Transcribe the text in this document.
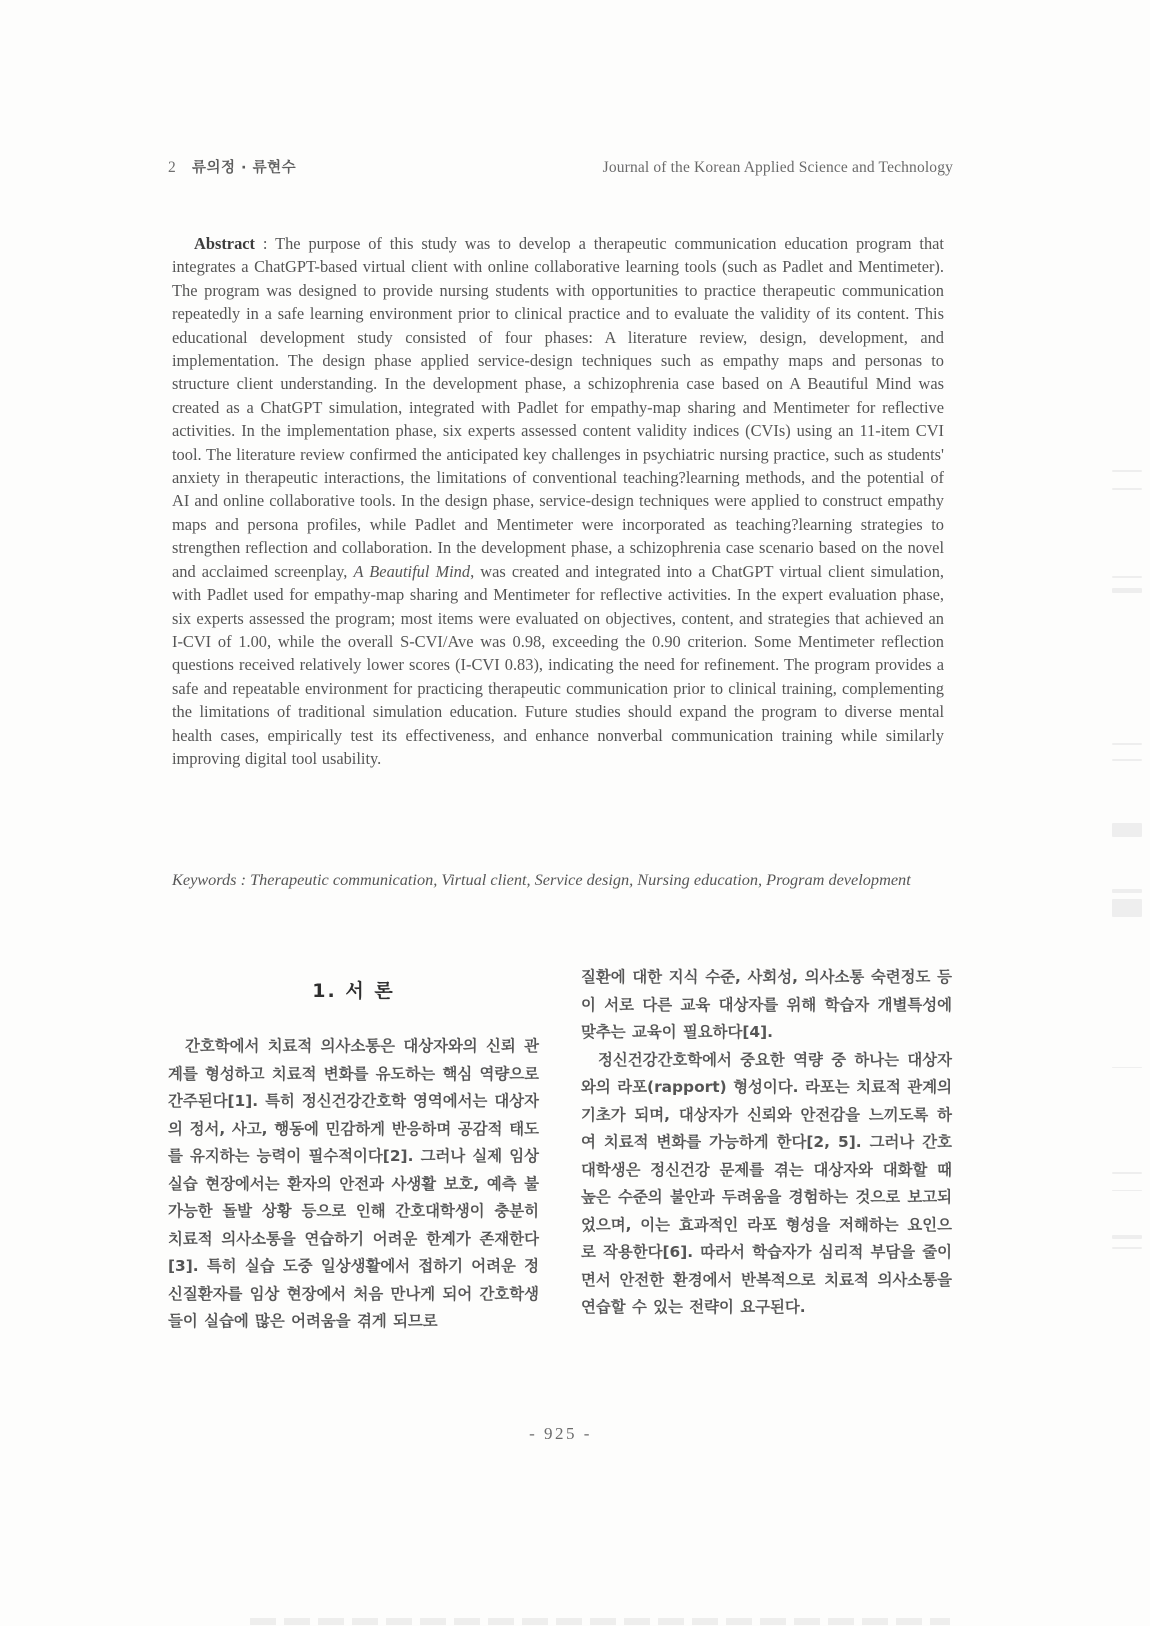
2 류의정 · 류현수	Journal of the Korean Applied Science and Technology

Abstract : The purpose of this study was to develop a therapeutic communication education program that integrates a ChatGPT-based virtual client with online collaborative learning tools (such as Padlet and Mentimeter). The program was designed to provide nursing students with opportunities to practice therapeutic communication repeatedly in a safe learning environment prior to clinical practice and to evaluate the validity of its content. This educational development study consisted of four phases: A literature review, design, development, and implementation. The design phase applied service-design techniques such as empathy maps and personas to structure client understanding. In the development phase, a schizophrenia case based on A Beautiful Mind was created as a ChatGPT simulation, integrated with Padlet for empathy-map sharing and Mentimeter for reflective activities. In the implementation phase, six experts assessed content validity indices (CVIs) using an 11-item CVI tool. The literature review confirmed the anticipated key challenges in psychiatric nursing practice, such as students' anxiety in therapeutic interactions, the limitations of conventional teaching?learning methods, and the potential of AI and online collaborative tools. In the design phase, service-design techniques were applied to construct empathy maps and persona profiles, while Padlet and Mentimeter were incorporated as teaching?learning strategies to strengthen reflection and collaboration. In the development phase, a schizophrenia case scenario based on the novel and acclaimed screenplay, A Beautiful Mind, was created and integrated into a ChatGPT virtual client simulation, with Padlet used for empathy-map sharing and Mentimeter for reflective activities. In the expert evaluation phase, six experts assessed the program; most items were evaluated on objectives, content, and strategies that achieved an I-CVI of 1.00, while the overall S-CVI/Ave was 0.98, exceeding the 0.90 criterion. Some Mentimeter reflection questions received relatively lower scores (I-CVI 0.83), indicating the need for refinement. The program provides a safe and repeatable environment for practicing therapeutic communication prior to clinical training, complementing the limitations of traditional simulation education. Future studies should expand the program to diverse mental health cases, empirically test its effectiveness, and enhance nonverbal communication training while similarly improving digital tool usability.

Keywords : Therapeutic communication, Virtual client, Service design, Nursing education, Program development
1. 서 론

간호학에서 치료적 의사소통은 대상자와의 신뢰 관계를 형성하고 치료적 변화를 유도하는 핵심 역량으로 간주된다[1]. 특히 정신건강간호학 영역에서는 대상자의 정서, 사고, 행동에 민감하게 반응하며 공감적 태도를 유지하는 능력이 필수적이다[2]. 그러나 실제 임상실습 현장에서는 환자의 안전과 사생활 보호, 예측 불가능한 돌발 상황 등으로 인해 간호대학생이 충분히 치료적 의사소통을 연습하기 어려운 한계가 존재한다[3]. 특히 실습 도중 일상생활에서 접하기 어려운 정신질환자를 임상 현장에서 처음 만나게 되어 간호학생들이 실습에 많은 어려움을 겪게 되므로

질환에 대한 지식 수준, 사회성, 의사소통 숙련정도 등이 서로 다른 교육 대상자를 위해 학습자 개별특성에 맞추는 교육이 필요하다[4].

정신건강간호학에서 중요한 역량 중 하나는 대상자와의 라포(rapport) 형성이다. 라포는 치료적 관계의 기초가 되며, 대상자가 신뢰와 안전감을 느끼도록 하여 치료적 변화를 가능하게 한다[2, 5]. 그러나 간호대학생은 정신건강 문제를 겪는 대상자와 대화할 때 높은 수준의 불안과 두려움을 경험하는 것으로 보고되었으며, 이는 효과적인 라포 형성을 저해하는 요인으로 작용한다[6]. 따라서 학습자가 심리적 부담을 줄이면서 안전한 환경에서 반복적으로 치료적 의사소통을 연습할 수 있는 전략이 요구된다.

- 925 -
